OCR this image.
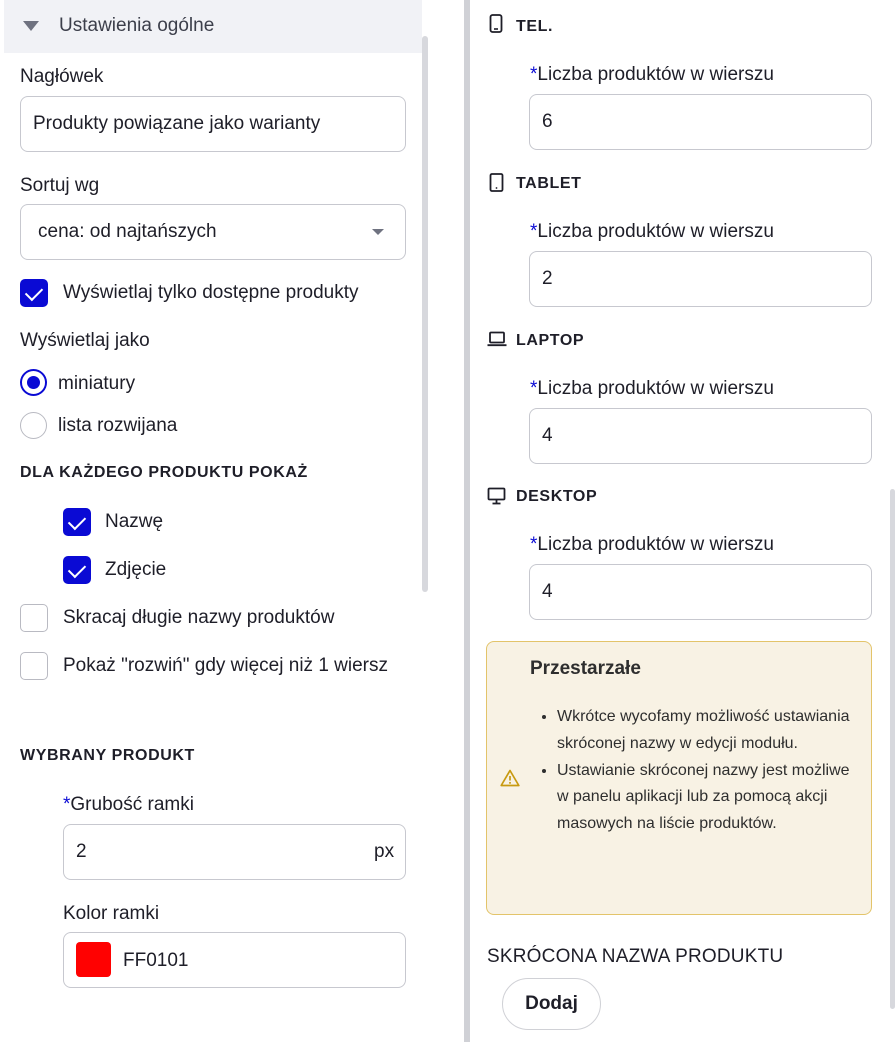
Ustawienia ogólne
Nagłówek
Produkty powiązane jako warianty
Sortuj wg
cena: od najtańszych
Wyświetlaj tylko dostępne produkty
Wyświetlaj jako
miniatury
lista rozwijana
DLA KAŻDEGO PRODUKTU POKAŻ
Nazwę
Zdjęcie
Skracaj długie nazwy produktów
Pokaż "rozwiń" gdy więcej niż 1 wiersz
WYBRANY PRODUKT
*Grubość ramki
2	px
Kolor ramki
FF0101
TEL.
*Liczba produktów w wierszu
6
TABLET
*Liczba produktów w wierszu
2
LAPTOP
*Liczba produktów w wierszu
4
DESKTOP
*Liczba produktów w wierszu
4
Przestarzałe
• Wkrótce wycofamy możliwość ustawiania skróconej nazwy w edycji modułu.
• Ustawianie skróconej nazwy jest możliwe w panelu aplikacji lub za pomocą akcji masowych na liście produktów.
SKRÓCONA NAZWA PRODUKTU
Dodaj
